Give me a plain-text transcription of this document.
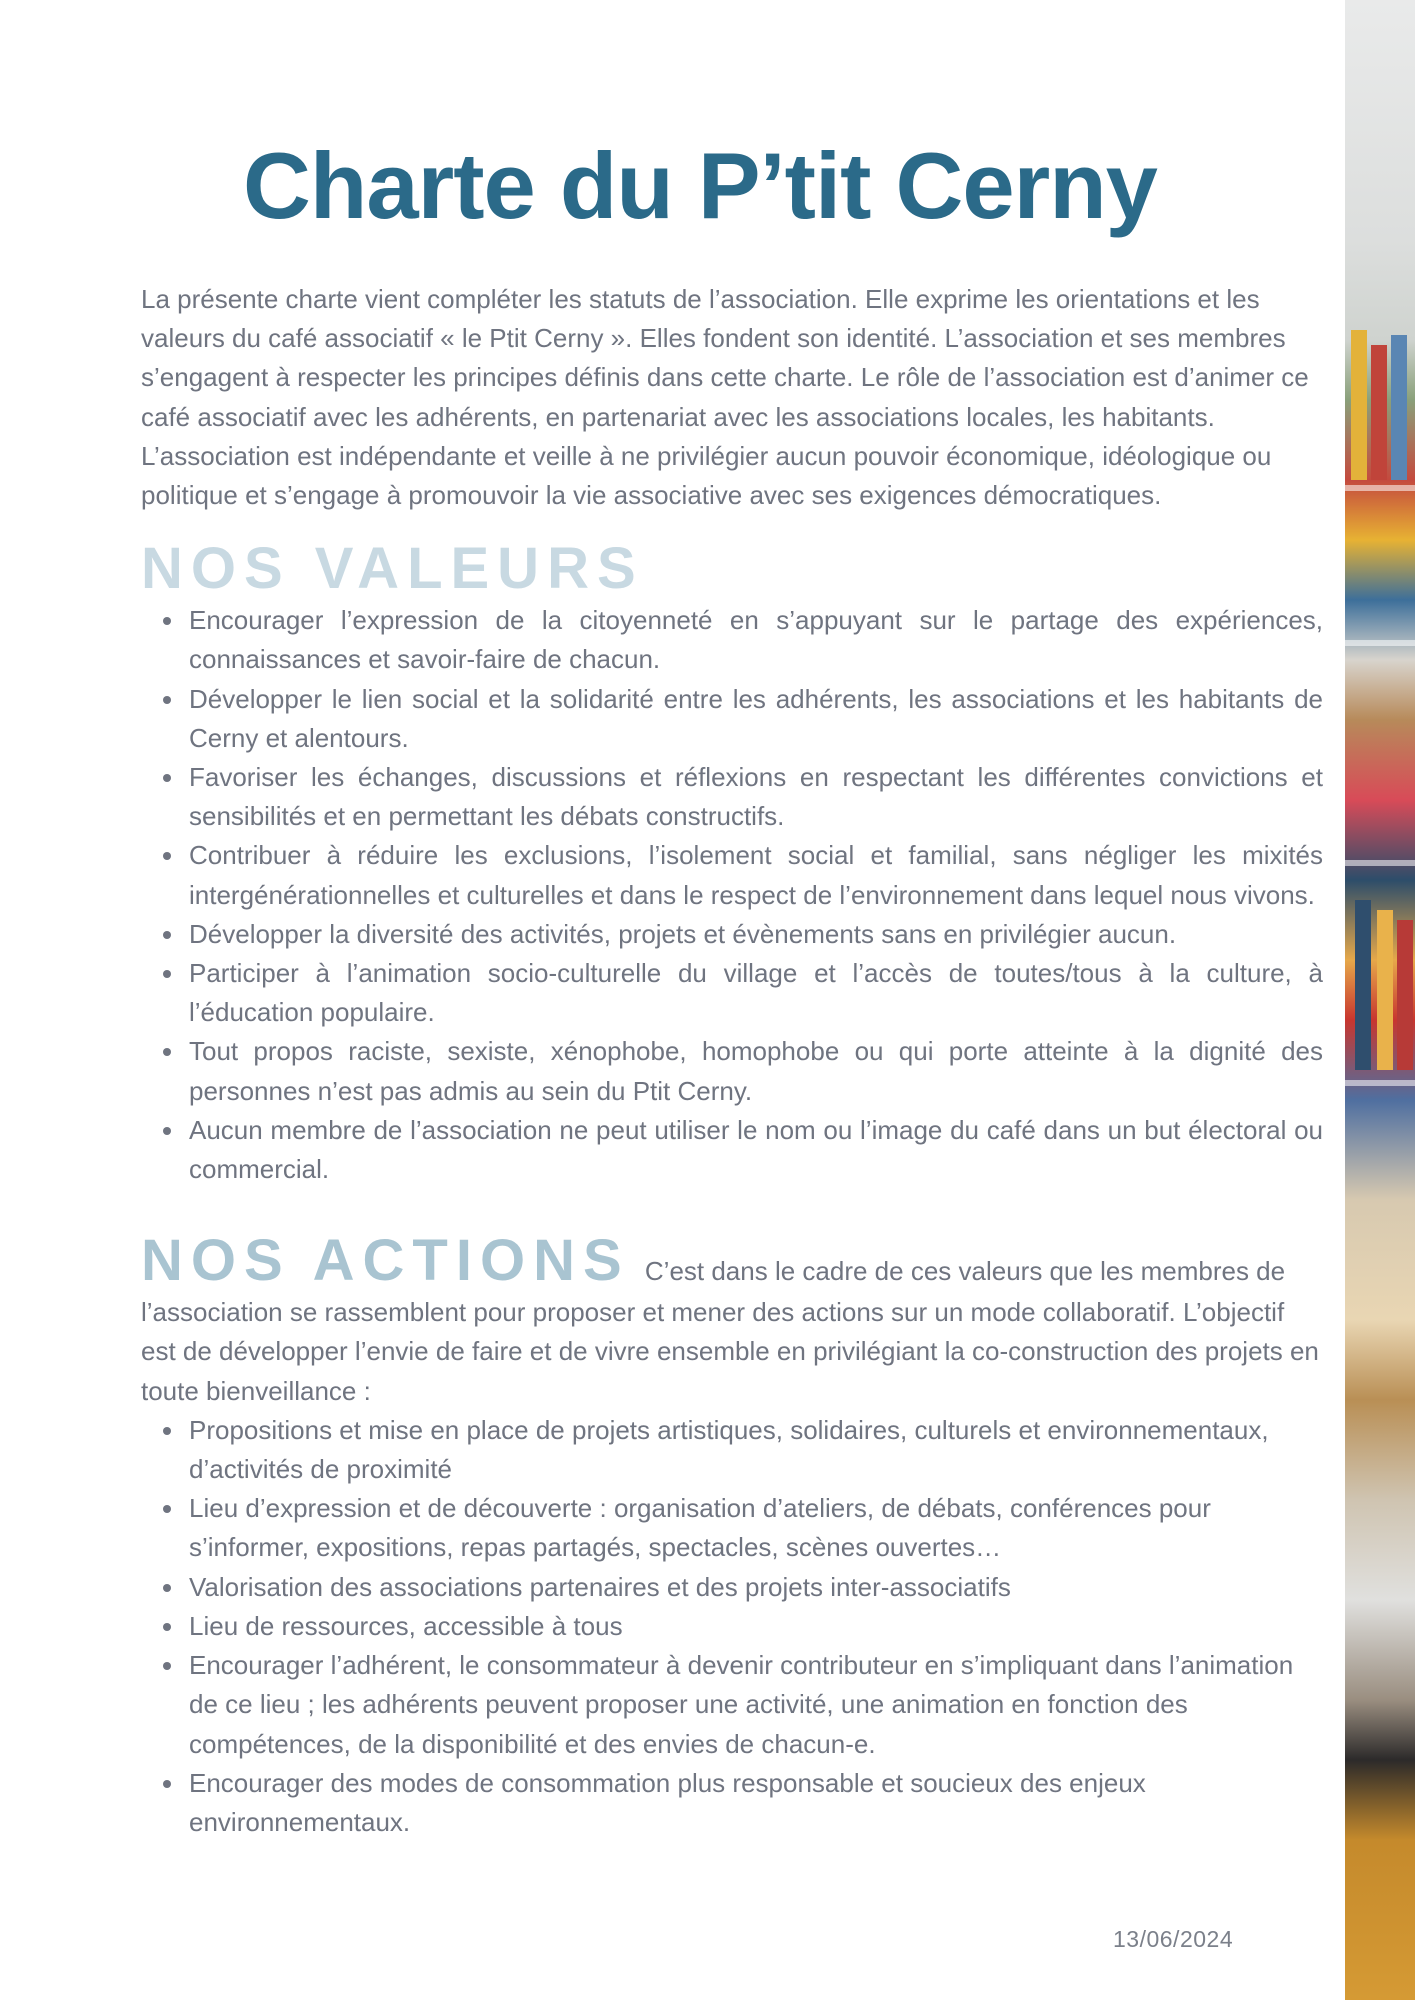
Charte du P’tit Cerny

La présente charte vient compléter les statuts de l’association. Elle exprime les orientations et les valeurs du café associatif « le Ptit Cerny ». Elles fondent son identité. L’association et ses membres s’engagent à respecter les principes définis dans cette charte. Le rôle de l’association est d’animer ce café associatif avec les adhérents, en partenariat avec les associations locales, les habitants. L’association est indépendante et veille à ne privilégier aucun pouvoir économique, idéologique ou politique et s’engage à promouvoir la vie associative avec ses exigences démocratiques.

NOS VALEURS
Encourager l’expression de la citoyenneté en s’appuyant sur le partage des expériences, connaissances et savoir-faire de chacun.
Développer le lien social et la solidarité entre les adhérents, les associations et les habitants de Cerny et alentours.
Favoriser les échanges, discussions et réflexions en respectant les différentes convictions et sensibilités et en permettant les débats constructifs.
Contribuer à réduire les exclusions, l’isolement social et familial, sans négliger les mixités intergénérationnelles et culturelles et dans le respect de l’environnement dans lequel nous vivons.
Développer la diversité des activités, projets et évènements sans en privilégier aucun.
Participer à l’animation socio-culturelle du village et l’accès de toutes/tous à la culture, à l’éducation populaire.
Tout propos raciste, sexiste, xénophobe, homophobe ou qui porte atteinte à la dignité des personnes n’est pas admis au sein du Ptit Cerny.
Aucun membre de l’association ne peut utiliser le nom ou l’image du café dans un but électoral ou commercial.

NOS ACTIONS C’est dans le cadre de ces valeurs que les membres de l’association se rassemblent pour proposer et mener des actions sur un mode collaboratif. L’objectif est de développer l’envie de faire et de vivre ensemble en privilégiant la co-construction des projets en toute bienveillance :

Propositions et mise en place de projets artistiques, solidaires, culturels et environnementaux, d’activités de proximité
Lieu d’expression et de découverte : organisation d’ateliers, de débats, conférences pour s’informer, expositions, repas partagés, spectacles, scènes ouvertes…
Valorisation des associations partenaires et des projets inter-associatifs
Lieu de ressources, accessible à tous
Encourager l’adhérent, le consommateur à devenir contributeur en s’impliquant dans l’animation de ce lieu ; les adhérents peuvent proposer une activité, une animation en fonction des compétences, de la disponibilité et des envies de chacun-e.
Encourager des modes de consommation plus responsable et soucieux des enjeux environnementaux.
13/06/2024
